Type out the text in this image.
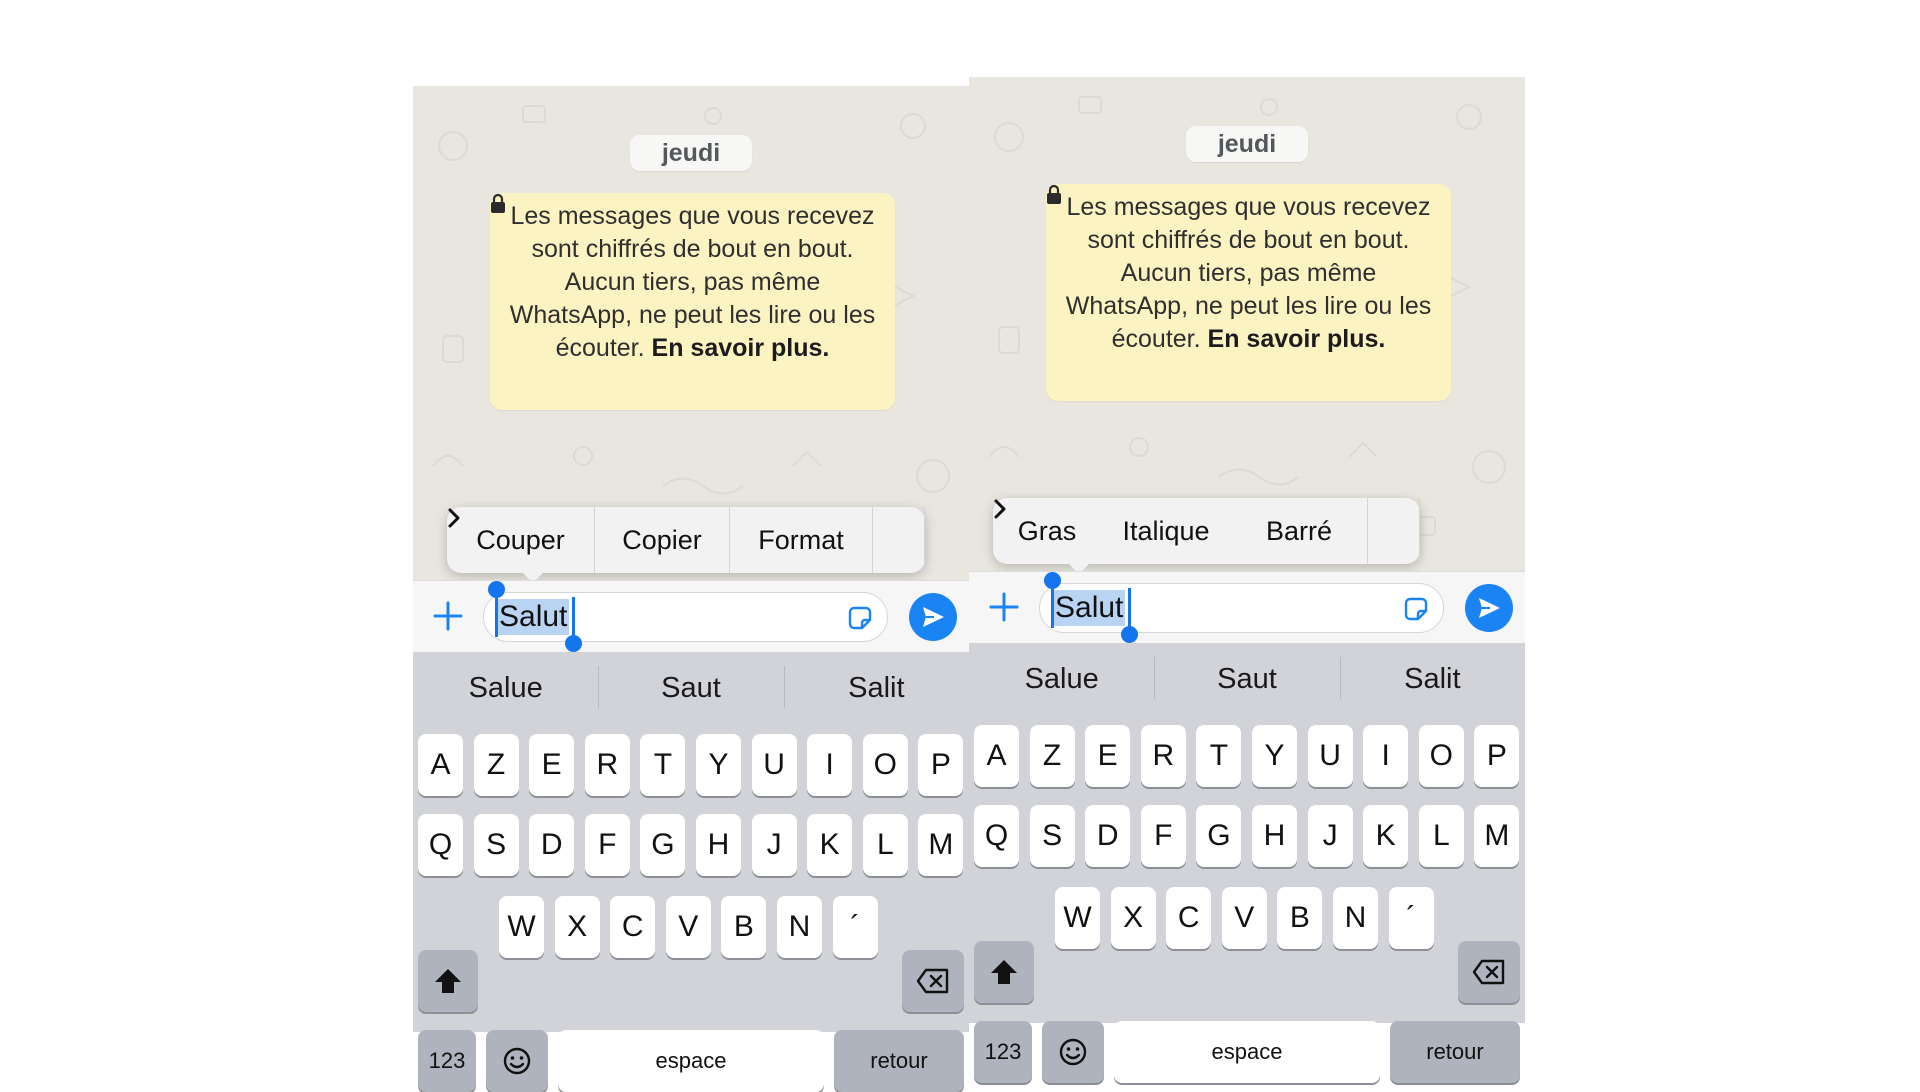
jeudi
Les messages que vous recevez sont chiffrés de bout en bout. Aucun tiers, pas même WhatsApp, ne peut les lire ou les écouter. En savoir plus.
Couper	Copier	Format
Salut
Salue	Saut	Salit
123	espace	retour
A	Z	E	R	T	Y	U	I	O	P
Q	S	D	F	G	H	J	K	L	M
W	X	C	V	B	N	´
jeudi
Les messages que vous recevez sont chiffrés de bout en bout. Aucun tiers, pas même WhatsApp, ne peut les lire ou les écouter. En savoir plus.
Gras	Italique	Barré
Salut
Salue	Saut	Salit
123	espace	retour
A	Z	E	R	T	Y	U	I	O	P
Q	S	D	F	G	H	J	K	L	M
W	X	C	V	B	N	´
